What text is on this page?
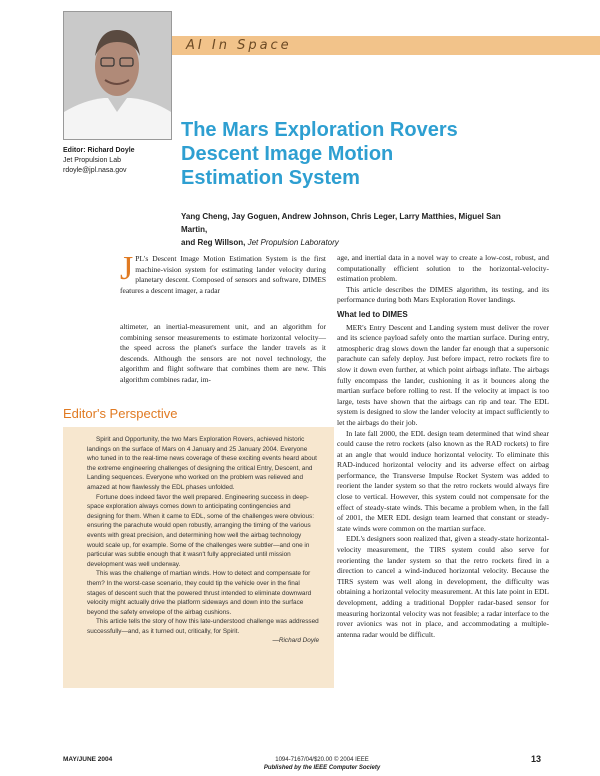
AI In Space
Editor: Richard Doyle
Jet Propulsion Lab
rdoyle@jpl.nasa.gov
The Mars Exploration Rovers
Descent Image Motion
Estimation System
Yang Cheng, Jay Goguen, Andrew Johnson, Chris Leger, Larry Matthies, Miguel San Martin,
and Reg Willson, Jet Propulsion Laboratory
JPL's Descent Image Motion Estimation System is the first machine-vision system for estimating lander velocity during planetary descent. Composed of sensors and software, DIMES features a descent imager, a radar
altimeter, an inertial-measurement unit, and an algorithm for combining sensor measurements to estimate horizontal velocity—the speed across the planet's surface the lander travels as it descends. Although the sensors are not novel technology, the algorithm and flight software that combines them are new. This algorithm combines radar, im-

age, and inertial data in a novel way to create a low-cost, robust, and computationally efficient solution to the horizontal-velocity-estimation problem.

This article describes the DIMES algorithm, its testing, and its performance during both Mars Exploration Rover landings.

What led to DIMES

MER's Entry Descent and Landing system must deliver the rover and its science payload safely onto the martian surface. During entry, atmospheric drag slows down the lander far enough that a supersonic parachute can safely deploy. Just before impact, retro rockets fire to slow it down even further, at which point airbags inflate. The airbags fully encompass the lander, cushioning it as it bounces along the martian surface before rolling to rest. If the velocity at impact is too large, tests have shown that the airbags can rip and tear. The EDL system is designed to slow the lander velocity at impact sufficiently to let the airbags do their job.

In late fall 2000, the EDL design team determined that wind shear could cause the retro rockets (also known as the RAD rockets) to fire at an angle that would induce horizontal velocity. To eliminate this RAD-induced horizontal velocity and its adverse effect on airbag performance, the Transverse Impulse Rocket System was added to reorient the lander system so that the retro rockets would always fire close to vertical. However, this system could not compensate for the effect of steady-state winds. This became a problem when, in the fall of 2001, the MER EDL design team learned that constant or steady-state winds were common on the martian surface.

EDL's designers soon realized that, given a steady-state horizontal-velocity measurement, the TIRS system could also serve for reorienting the lander system so that the retro rockets fired in a direction to cancel a wind-induced horizontal velocity. Because the TIRS system was well along in development, the difficulty was obtaining a horizontal velocity measurement. At this late point in EDL development, adding a traditional Doppler radar-based sensor for measuring horizontal velocity was not feasible; a radar interface to the rover avionics was not in place, and accommodating a multiple-antenna radar would be difficult.

Editor's Perspective

Spirit and Opportunity, the two Mars Exploration Rovers, achieved historic landings on the surface of Mars on 4 January and 25 January 2004. Everyone who tuned in to the real-time news coverage of these exciting events heard about the extreme engineering challenges of designing the critical Entry, Descent, and Landing sequences. Everyone who worked on the problem was relieved and amazed at how flawlessly the EDL phases unfolded.

Fortune does indeed favor the well prepared. Engineering success in deep-space exploration always comes down to anticipating contingencies and designing for them. When it came to EDL, some of the challenges were obvious: ensuring the parachute would open robustly, arranging the timing of the various events with great precision, and determining how well the airbag technology would scale up, for example. Some of the challenges were subtler—and one in particular was subtle enough that it wasn't fully appreciated until mission development was well underway.

This was the challenge of martian winds. How to detect and compensate for them? In the worst-case scenario, they could tip the vehicle over in the final stages of descent such that the powered thrust intended to eliminate downward velocity might actually drive the platform sideways and down into the surface beyond the safety envelope of the airbag cushions.

This article tells the story of how this late-understood challenge was addressed successfully—and, as it turned out, critically, for Spirit.

—Richard Doyle
MAY/JUNE 2004	1094-7167/04/$20.00 © 2004 IEEE
Published by the IEEE Computer Society
13
